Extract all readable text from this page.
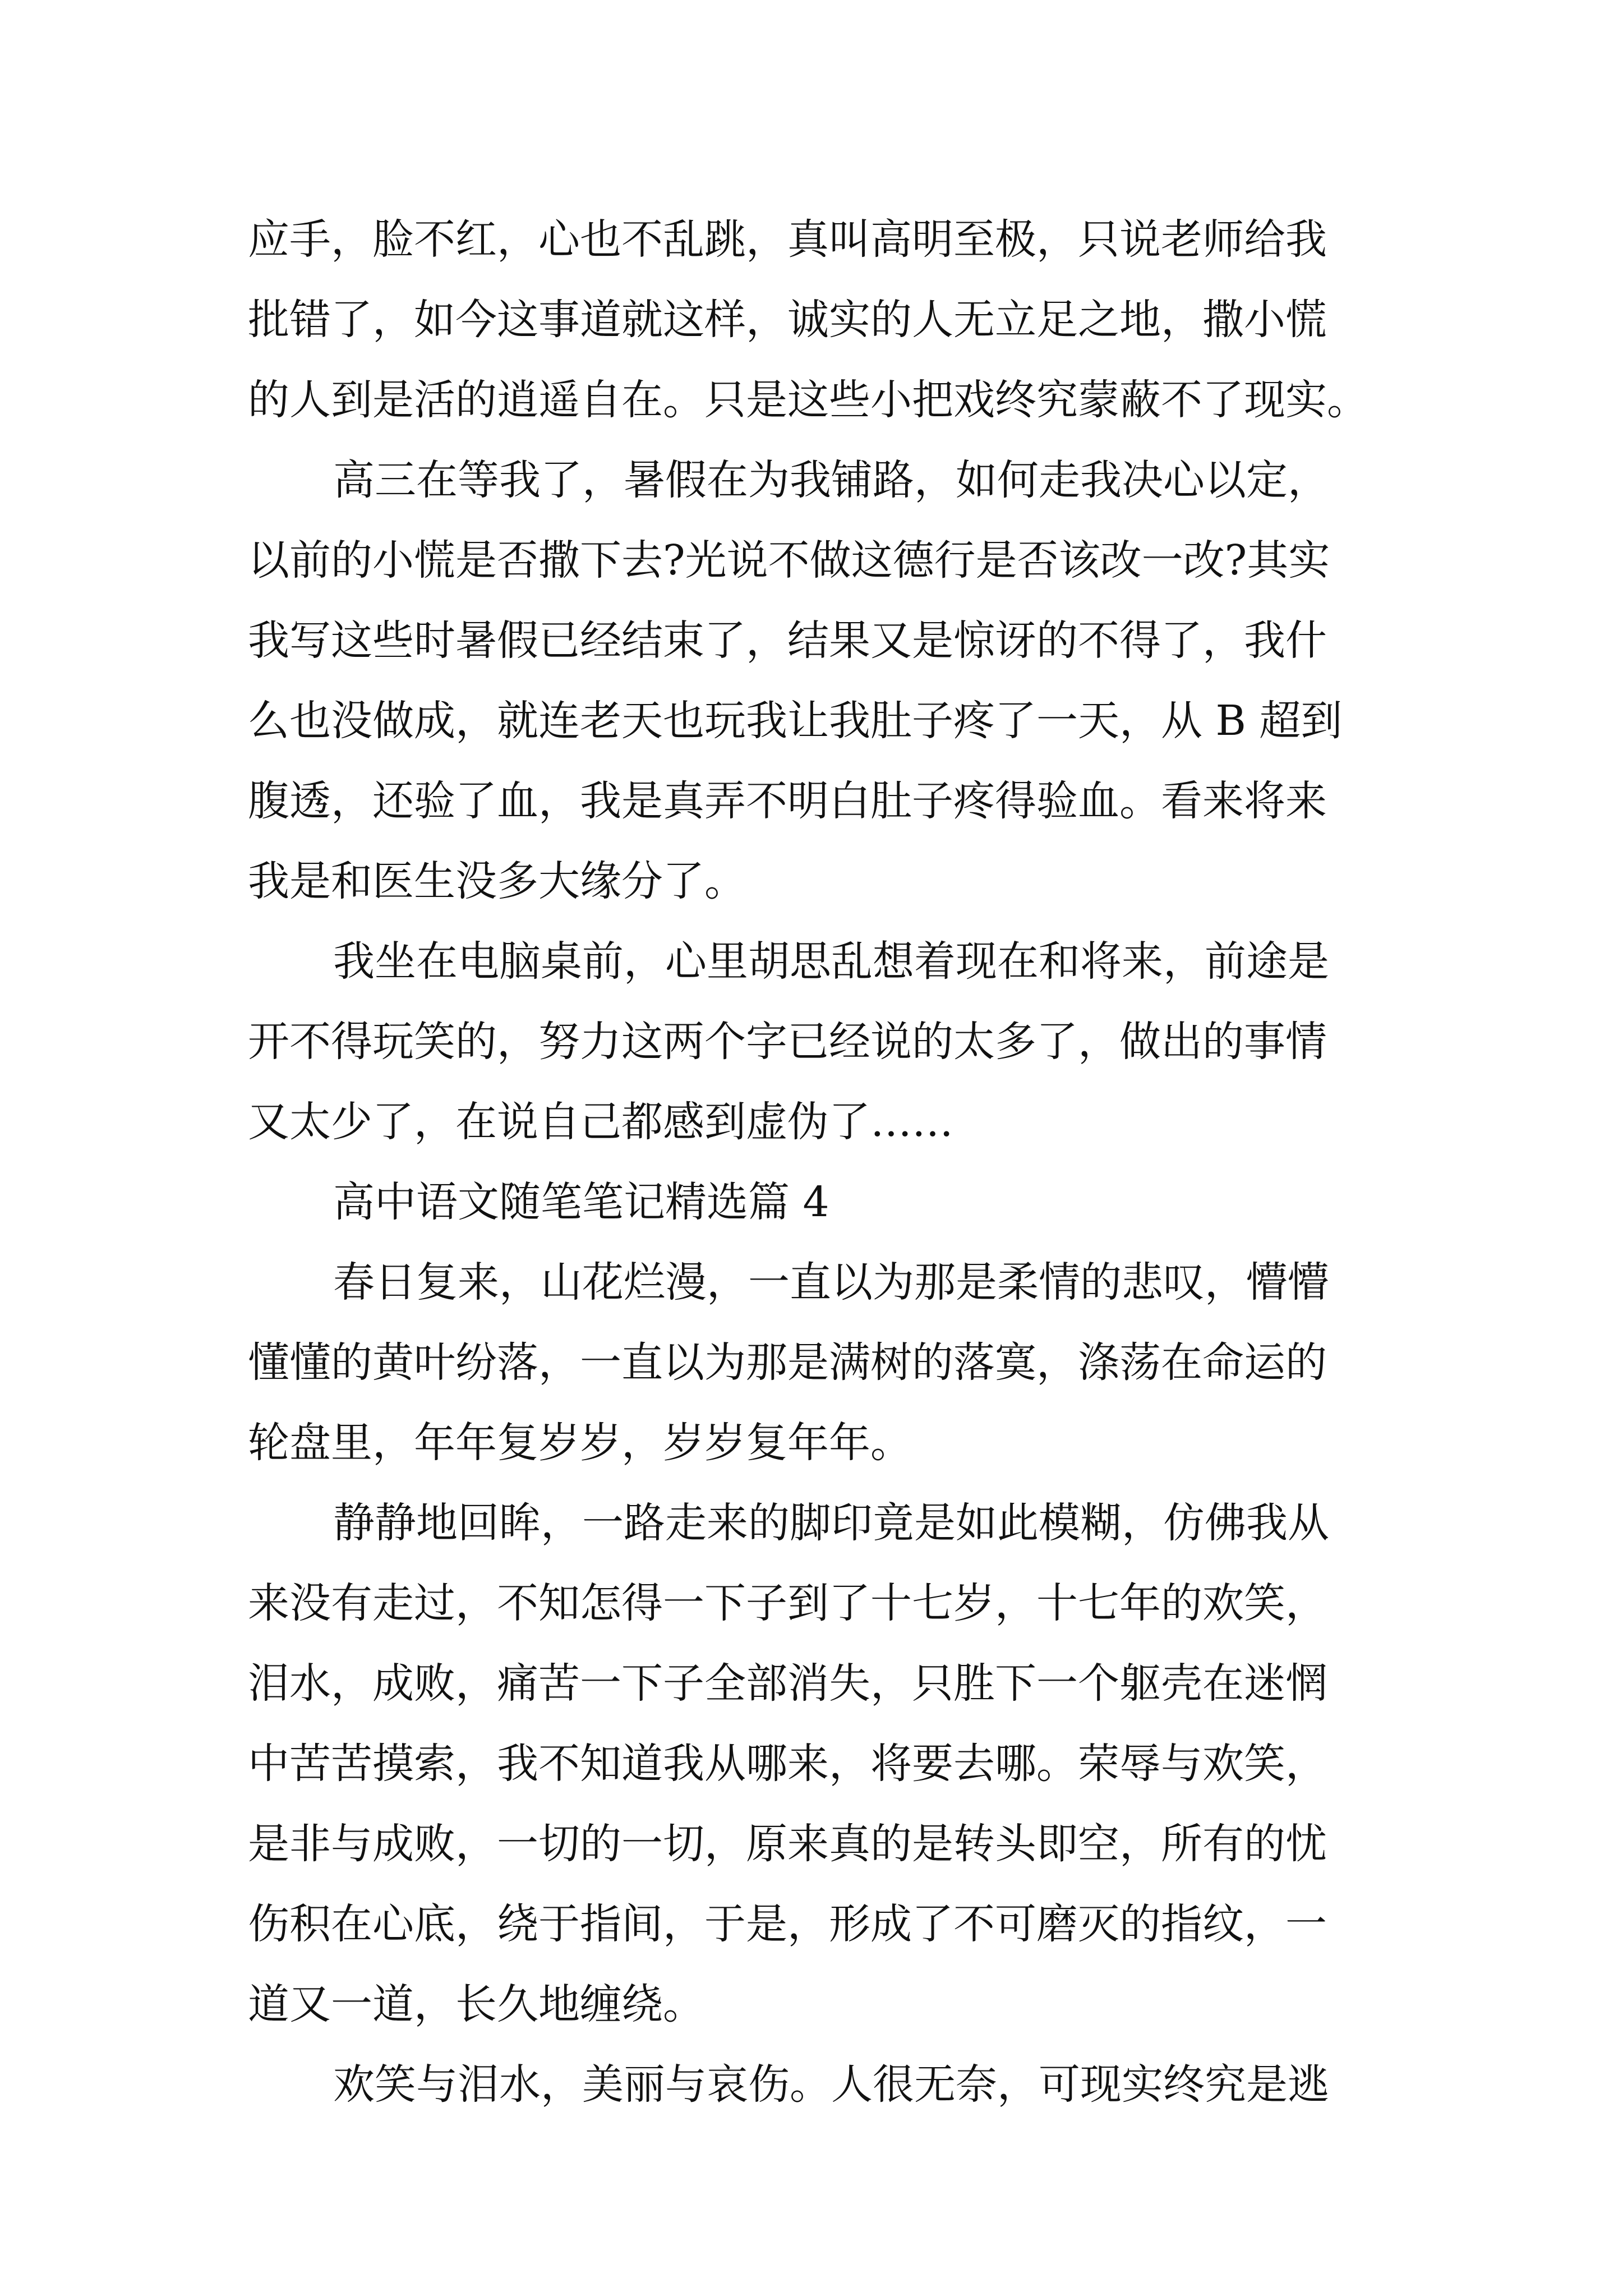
应手，脸不红，心也不乱跳，真叫高明至极，只说老师给我
批错了，如今这事道就这样，诚实的人无立足之地，撒小慌
的人到是活的逍遥自在。只是这些小把戏终究蒙蔽不了现实。
高三在等我了，暑假在为我铺路，如何走我决心以定，
以前的小慌是否撒下去?光说不做这德行是否该改一改?其实
我写这些时暑假已经结束了，结果又是惊讶的不得了，我什
么也没做成，就连老天也玩我让我肚子疼了一天，从 B 超到
腹透，还验了血，我是真弄不明白肚子疼得验血。看来将来
我是和医生没多大缘分了。
我坐在电脑桌前，心里胡思乱想着现在和将来，前途是
开不得玩笑的，努力这两个字已经说的太多了，做出的事情
又太少了，在说自己都感到虚伪了……
高中语文随笔笔记精选篇 4
春日复来，山花烂漫，一直以为那是柔情的悲叹，懵懵
懂懂的黄叶纷落，一直以为那是满树的落寞，涤荡在命运的
轮盘里，年年复岁岁，岁岁复年年。
静静地回眸，一路走来的脚印竟是如此模糊，仿佛我从
来没有走过，不知怎得一下子到了十七岁，十七年的欢笑，
泪水，成败，痛苦一下子全部消失，只胜下一个躯壳在迷惘
中苦苦摸索，我不知道我从哪来，将要去哪。荣辱与欢笑，
是非与成败，一切的一切，原来真的是转头即空，所有的忧
伤积在心底，绕于指间，于是，形成了不可磨灭的指纹，一
道又一道，长久地缠绕。
欢笑与泪水，美丽与哀伤。人很无奈，可现实终究是逃
